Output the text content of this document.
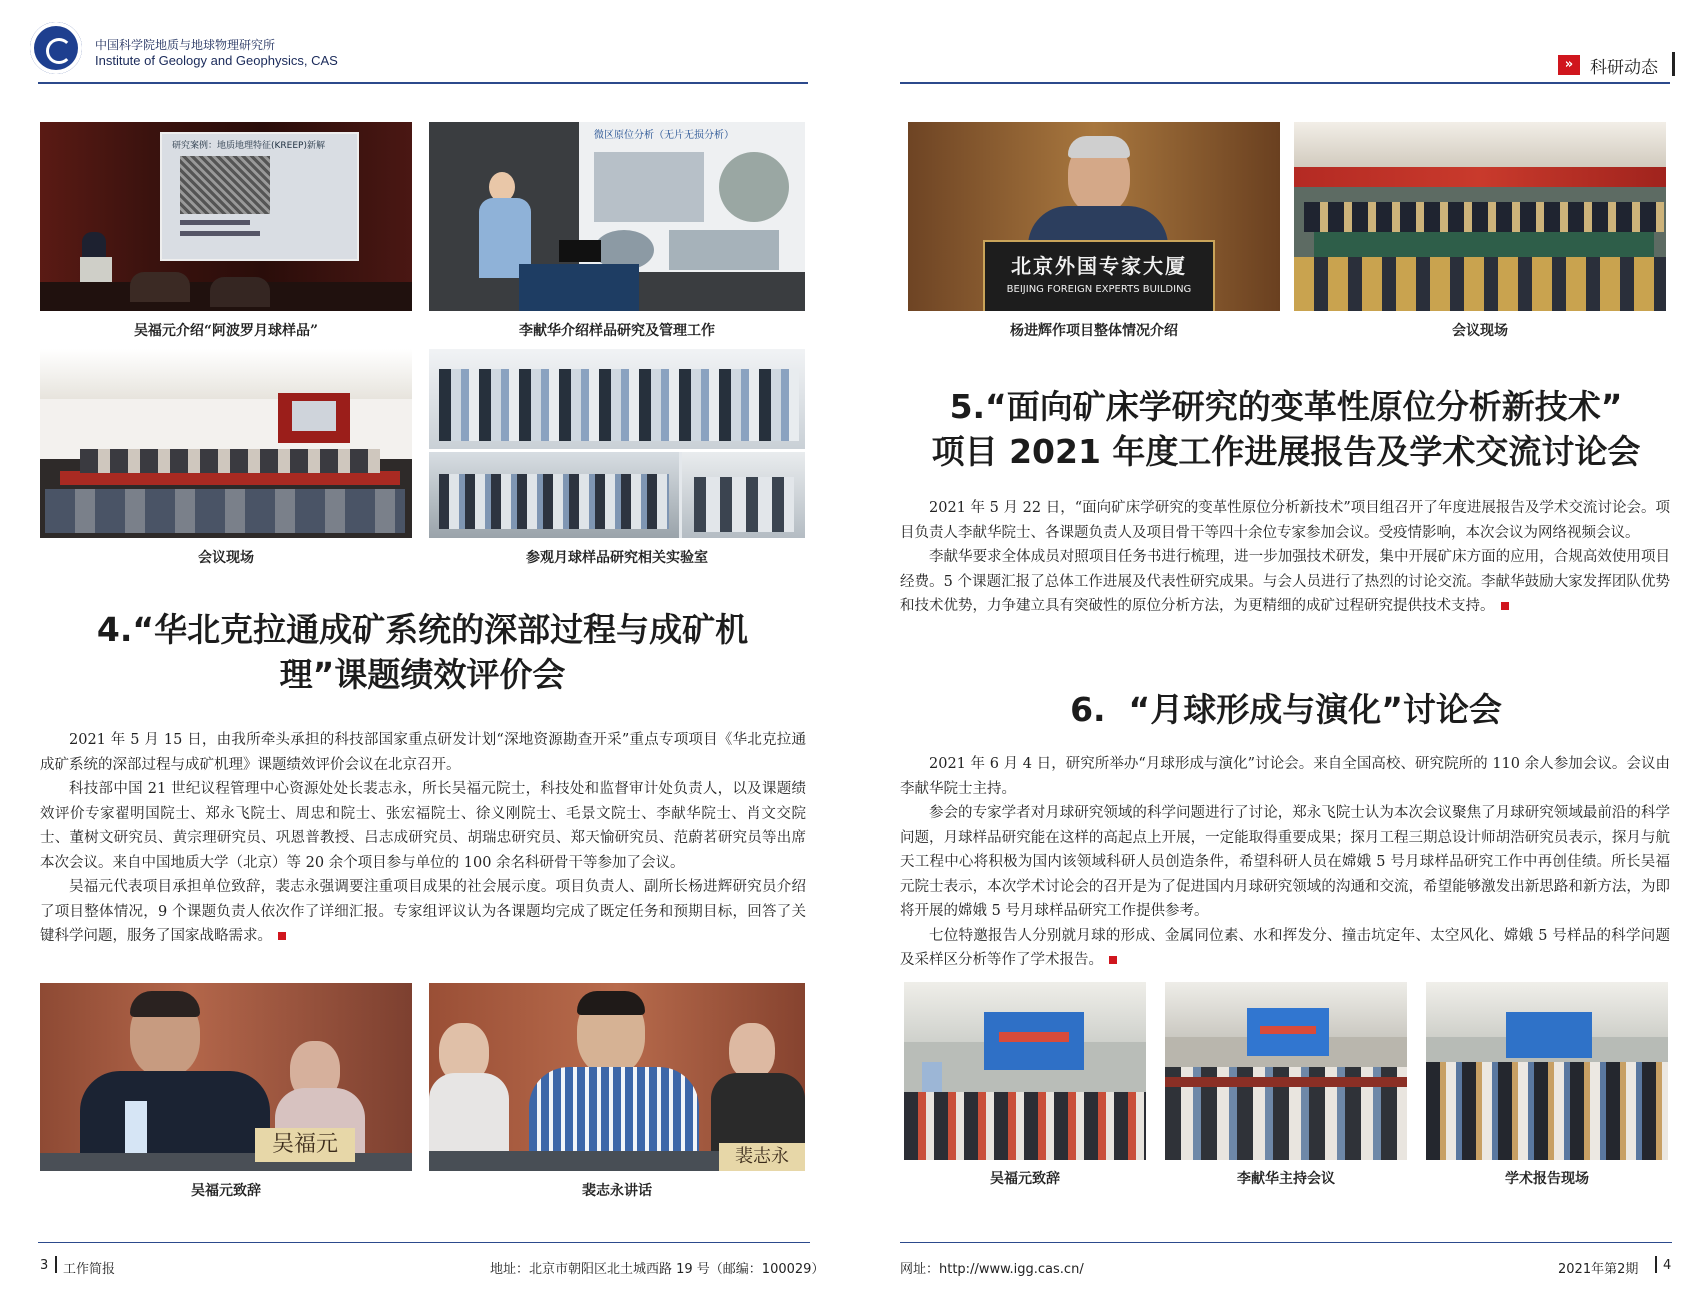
中国科学院地质与地球物理研究所
Institute of Geology and Geophysics, CAS	» 科研动态
研究案例：地质地理特征(KREEP)新解
吴福元介绍“阿波罗月球样品”
微区原位分析（无片无损分析）
李献华介绍样品研究及管理工作
会议现场	参观月球样品研究相关实验室
4.“华北克拉通成矿系统的深部过程与成矿机
理”课题绩效评价会

2021 年 5 月 15 日，由我所牵头承担的科技部国家重点研发计划“深地资源勘查开采”重点专项项目《华北克拉通成矿系统的深部过程与成矿机理》课题绩效评价会议在北京召开。

科技部中国 21 世纪议程管理中心资源处处长裴志永，所长吴福元院士，科技处和监督审计处负责人，以及课题绩效评价专家翟明国院士、郑永飞院士、周忠和院士、张宏福院士、徐义刚院士、毛景文院士、李献华院士、肖文交院士、董树文研究员、黄宗理研究员、巩恩普教授、吕志成研究员、胡瑞忠研究员、郑天愉研究员、范蔚茗研究员等出席本次会议。来自中国地质大学（北京）等 20 余个项目参与单位的 100 余名科研骨干等参加了会议。

吴福元代表项目承担单位致辞，裴志永强调要注重项目成果的社会展示度。项目负责人、副所长杨进辉研究员介绍了项目整体情况，9 个课题负责人依次作了详细汇报。专家组评议认为各课题均完成了既定任务和预期目标，回答了关键科学问题，服务了国家战略需求。

吴福元
吴福元致辞
裴志永
裴志永讲话
北京外国专家大厦
BEIJING FOREIGN EXPERTS BUILDING
杨进辉作项目整体情况介绍	会议现场
5.“面向矿床学研究的变革性原位分析新技术”
项目 2021 年度工作进展报告及学术交流讨论会

2021 年 5 月 22 日，“面向矿床学研究的变革性原位分析新技术”项目组召开了年度进展报告及学术交流讨论会。项目负责人李献华院士、各课题负责人及项目骨干等四十余位专家参加会议。受疫情影响，本次会议为网络视频会议。

李献华要求全体成员对照项目任务书进行梳理，进一步加强技术研发，集中开展矿床方面的应用，合规高效使用项目经费。5 个课题汇报了总体工作进展及代表性研究成果。与会人员进行了热烈的讨论交流。李献华鼓励大家发挥团队优势和技术优势，力争建立具有突破性的原位分析方法，为更精细的成矿过程研究提供技术支持。

6.  “月球形成与演化”讨论会

2021 年 6 月 4 日，研究所举办“月球形成与演化”讨论会。来自全国高校、研究院所的 110 余人参加会议。会议由李献华院士主持。

参会的专家学者对月球研究领域的科学问题进行了讨论，郑永飞院士认为本次会议聚焦了月球研究领域最前沿的科学问题，月球样品研究能在这样的高起点上开展，一定能取得重要成果；探月工程三期总设计师胡浩研究员表示，探月与航天工程中心将积极为国内该领域科研人员创造条件，希望科研人员在嫦娥 5 号月球样品研究工作中再创佳绩。所长吴福元院士表示，本次学术讨论会的召开是为了促进国内月球研究领域的沟通和交流，希望能够激发出新思路和新方法，为即将开展的嫦娥 5 号月球样品研究工作提供参考。

七位特邀报告人分别就月球的形成、金属同位素、水和挥发分、撞击坑定年、太空风化、嫦娥 5 号样品的科学问题及采样区分析等作了学术报告。

吴福元致辞	李献华主持会议	学术报告现场
3 工作简报	地址：北京市朝阳区北土城西路 19 号（邮编：100029）	网址：http://www.igg.cas.cn/	2021年第2期 4
